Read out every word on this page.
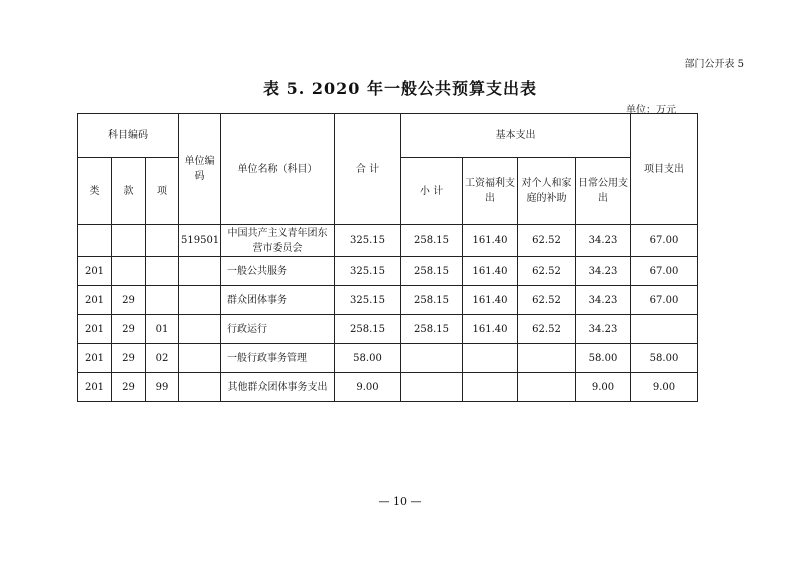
部门公开表 5
表 5. 2020 年一般公共预算支出表
单位：万元
科目编码			单位编码	单位名称（科目）	合 计	基本支出				项目支出
类	款	项				小 计	工资福利支出	对个人和家庭的补助	日常公用支出	
			519501	中国共产主义青年团东营市委员会	325.15	258.15	161.40	62.52	34.23	67.00
201				一般公共服务	325.15	258.15	161.40	62.52	34.23	67.00
201	29			群众团体事务	325.15	258.15	161.40	62.52	34.23	67.00
201	29	01		行政运行	258.15	258.15	161.40	62.52	34.23	
201	29	02		一般行政事务管理	58.00				58.00	58.00
201	29	99		其他群众团体事务支出	9.00				9.00	9.00
— 10 —
